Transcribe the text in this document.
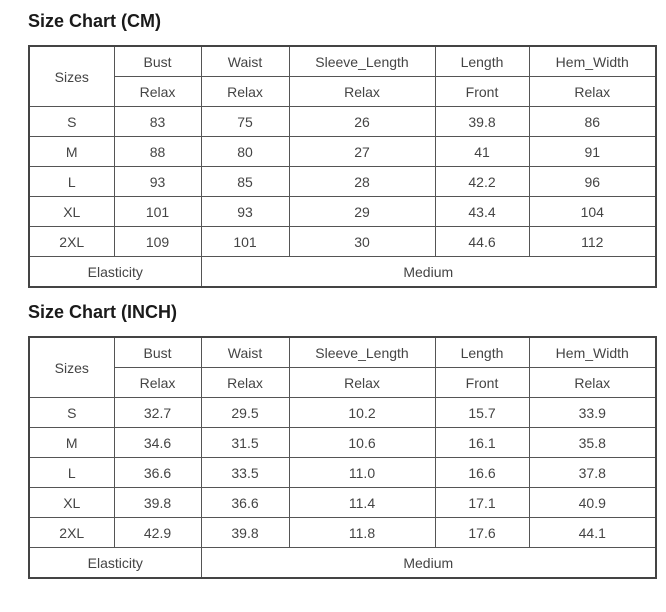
Size Chart (CM)
Sizes	Bust	Waist	Sleeve_Length	Length	Hem_Width
	Relax	Relax	Relax	Front	Relax
S	83	75	26	39.8	86
M	88	80	27	41	91
L	93	85	28	42.2	96
XL	101	93	29	43.4	104
2XL	109	101	30	44.6	112
Elasticity		Medium			
Size Chart (INCH)
Sizes	Bust	Waist	Sleeve_Length	Length	Hem_Width
	Relax	Relax	Relax	Front	Relax
S	32.7	29.5	10.2	15.7	33.9
M	34.6	31.5	10.6	16.1	35.8
L	36.6	33.5	11.0	16.6	37.8
XL	39.8	36.6	11.4	17.1	40.9
2XL	42.9	39.8	11.8	17.6	44.1
Elasticity		Medium			
